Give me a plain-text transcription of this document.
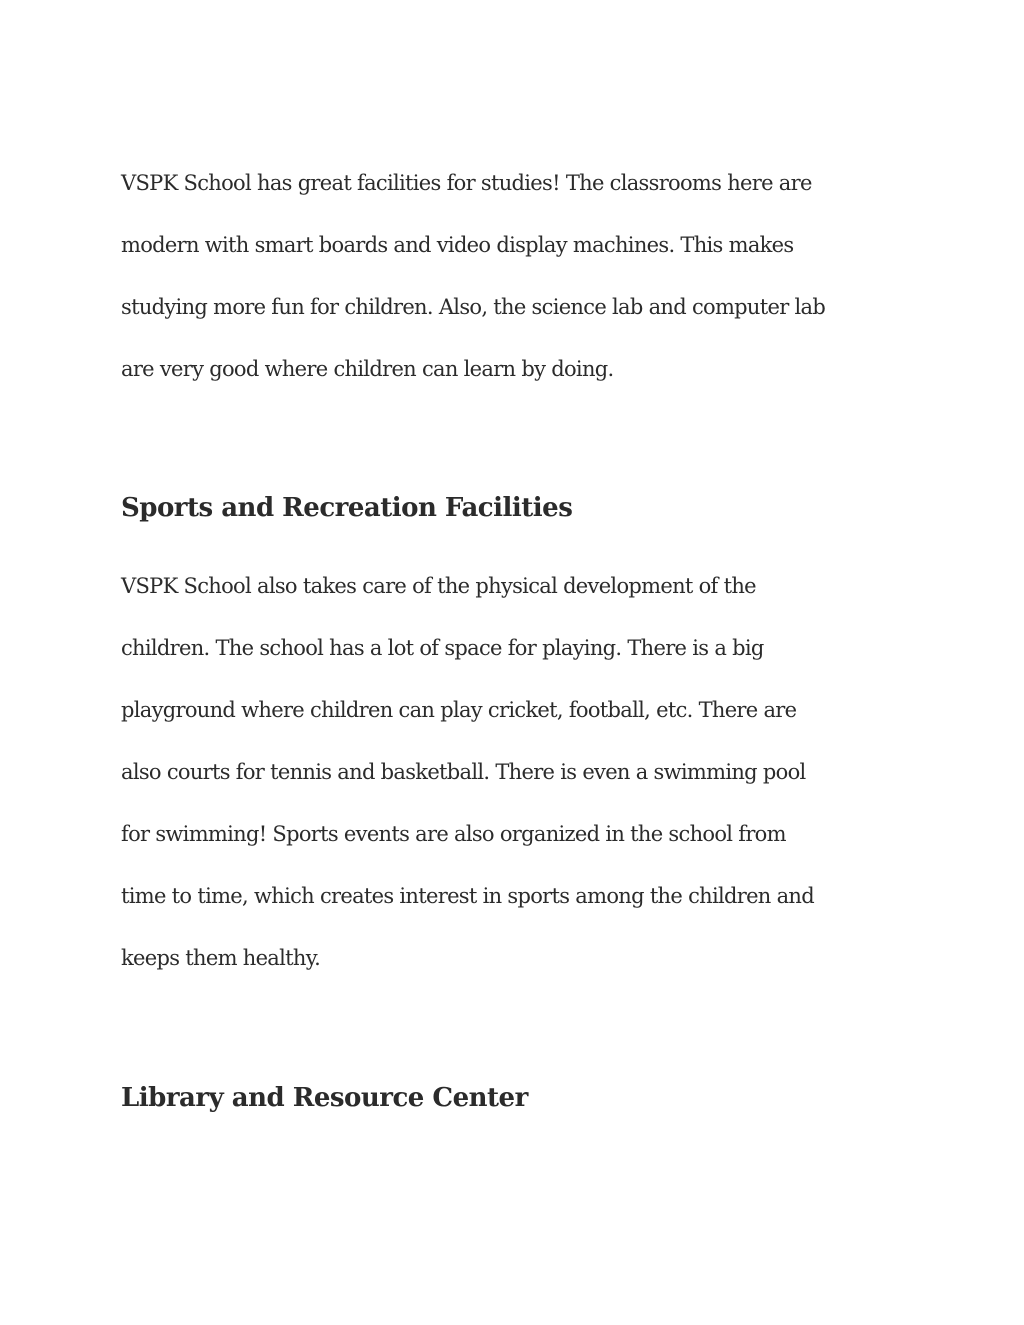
VSPK School has great facilities for studies! The classrooms here are

modern with smart boards and video display machines. This makes

studying more fun for children. Also, the science lab and computer lab

are very good where children can learn by doing.

Sports and Recreation Facilities

VSPK School also takes care of the physical development of the

children. The school has a lot of space for playing. There is a big

playground where children can play cricket, football, etc. There are

also courts for tennis and basketball. There is even a swimming pool

for swimming! Sports events are also organized in the school from

time to time, which creates interest in sports among the children and

keeps them healthy.

Library and Resource Center
